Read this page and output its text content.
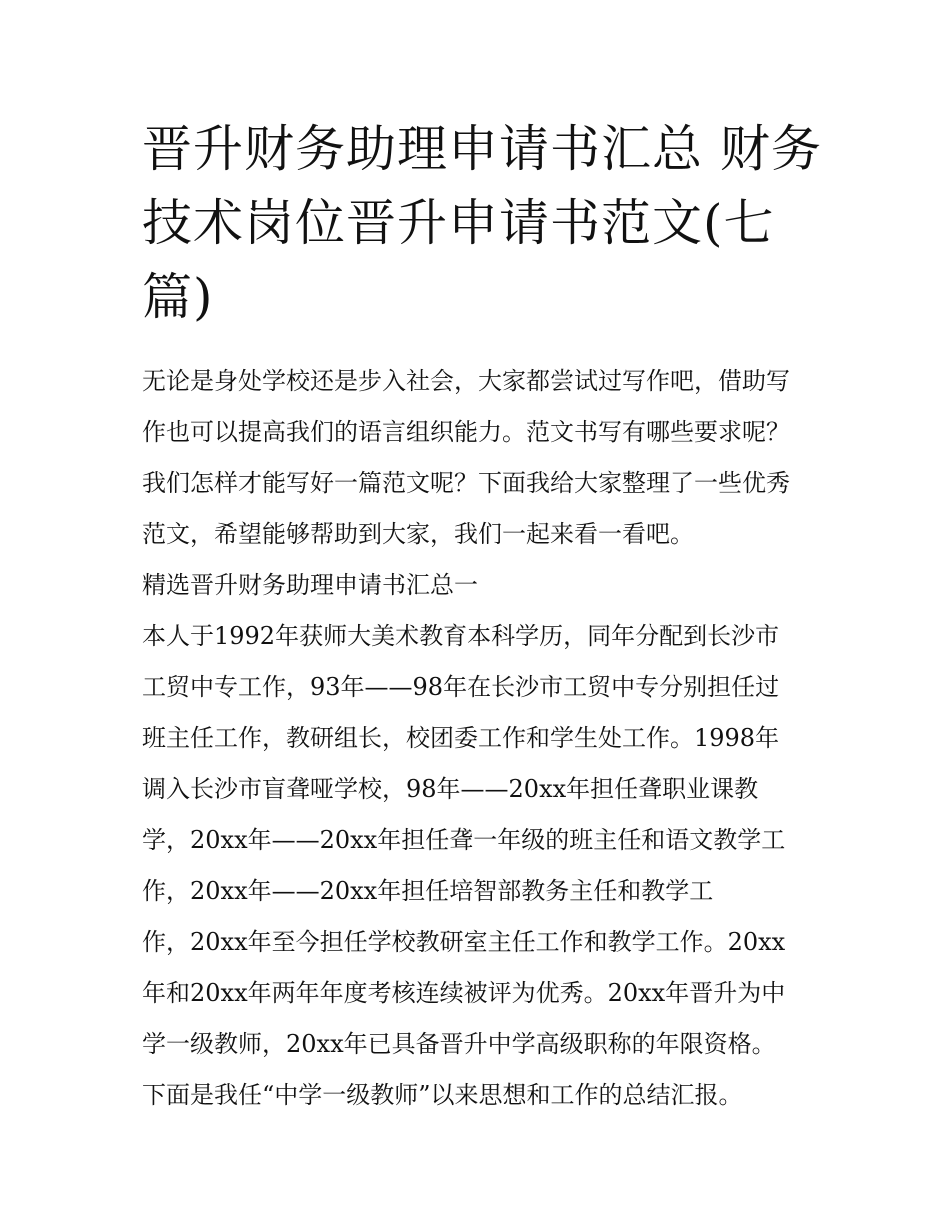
晋升财务助理申请书汇总 财务
技术岗位晋升申请书范文(七
篇)
无论是身处学校还是步入社会，大家都尝试过写作吧，借助写
作也可以提高我们的语言组织能力。范文书写有哪些要求呢？
我们怎样才能写好一篇范文呢？下面我给大家整理了一些优秀
范文，希望能够帮助到大家，我们一起来看一看吧。
精选晋升财务助理申请书汇总一
本人于1992年获师大美术教育本科学历，同年分配到长沙市
工贸中专工作，93年——98年在长沙市工贸中专分别担任过
班主任工作，教研组长，校团委工作和学生处工作。1998年
调入长沙市盲聋哑学校，98年——20xx年担任聋职业课教
学，20xx年——20xx年担任聋一年级的班主任和语文教学工
作，20xx年——20xx年担任培智部教务主任和教学工
作，20xx年至今担任学校教研室主任工作和教学工作。20xx
年和20xx年两年年度考核连续被评为优秀。20xx年晋升为中
学一级教师，20xx年已具备晋升中学高级职称的年限资格。
下面是我任“中学一级教师”以来思想和工作的总结汇报。
